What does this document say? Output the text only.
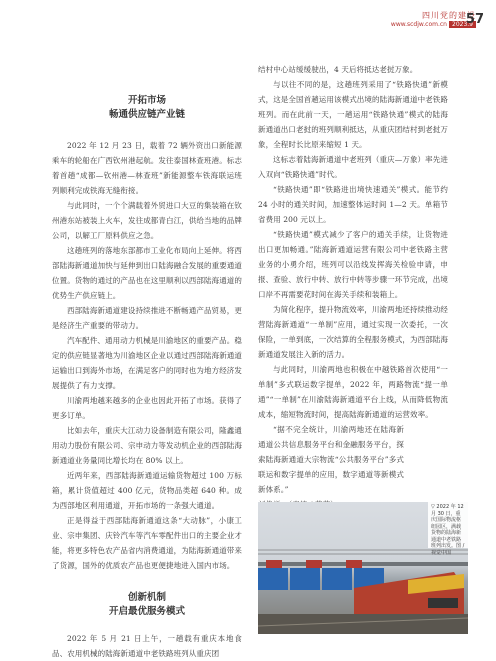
四川党的建设
www.scdjw.com.cn 2023.9
57
开拓市场
畅通供应链产业链

2022 年 12 月 23 日，载着 72 辆外资出口新能源乘车的轮船在广西钦州港起航。发往泰国林查班港。标志着首趟“成都—钦州港—林查班”新能源整车铁海联运班列顺利完成铁海无缝衔接。

与此同时，一个个满载着外贸进口大豆的集装箱在钦州港东站被装上火车，发往成都青白江，供给当地的品牌公司，以解工厂原料供应之急。

这趟班列的落地东部都市工业化布局向上延伸。将西部陆海新通道加快与延伸到出口陆海融合发展的重要通道位置。货物的通过的产品也在这里顺利以西部陆海通道的优势生产供应链上。

西部陆海新通道建设持续推进不断畅通产品贸易，更是经济生产重要的带动力。

汽车配件、通用动力机械是川渝地区的重要产品。稳定的供应链显著地为川渝地区企业以通过西部陆海新通道运输出口到海外市场，在满足客户的同时也为地方经济发展提供了有力支撑。

川渝两地越来越多的企业也因此开拓了市场。获得了更多订单。

比如去年，重庆大江动力设备制造有限公司，隆鑫通用动力股份有限公司、宗申动力等发动机企业的西部陆海新通道业务量同比增长均在 80% 以上。

近两年来，西部陆海新通道运输货物超过 100 万标箱，累计货值超过 400 亿元，货物品类超 640 种。成为西部地区利用通道，开拓市场的一条强大通道。

正是得益于西部陆海新通道这条“大动脉”，小康工业、宗申集团、庆铃汽车等汽车零配件出口的主要企业才能，将更多特色农产品省内消费通道，为陆海新通道带来了货源，国外的优质农产品也更便捷地进入国内市场。

创新机制
开启最优服务模式

2022 年 5 月 21 日上午，一趟载有重庆本地食品、农用机械的陆海新通道中老铁路班列从重庆团

结村中心站缓缓驶出，4 天后将抵达老挝万象。

与以往不同的是，这趟班列采用了“铁路快通”新模式，这是全国首趟运用该模式出境的陆海新通道中老铁路班列。而在此前一天，一趟运用“铁路快通”模式的陆海新通道出口老挝的班列顺利抵达，从重庆团结村到老挝万象，全程时长比原来缩短 1 天。

这标志着陆海新通道中老班列（重庆—万象）率先进入双向“铁路快通”时代。

“铁路快通”即“铁路进出境快速通关”模式。能节约 24 小时的通关时间，加速整体运时间 1—2 天。单箱节省费用 200 元以上。

“铁路快通”模式减少了客户的通关手续，让货物进出口更加畅通。”陆海新通道运营有限公司中老铁路主营业务的小勇介绍，班列可以沿线发挥海关检验申请，申报、查验、放行中转、放行中转等步骤一环节完成，出境口岸不再需要花时间在海关手续和装箱上。

为简化程序，提升物流效率，川渝两地还持续推动经营陆海新通道“一单制”应用，通过实现一次委托，一次保险，一单到底，一次结算的全程服务模式，为西部陆海新通道发展注入新的活力。

与此同时，川渝两地也积极在中越铁路首次使用“一单制”多式联运数字提单，2022 年，两路物流“提一单通”“一单制”在川渝陆海新通道平台上线，从而降低物流成本，缩短物流时间，提高陆海新通道的运营效率。

“据不完全统计，川渝两地还在陆海新通道公共信息服务平台和金融服务平台，探索陆海新通道大宗物流“公共服务平台”多式联运和数字提单的应用，数字通道等新模式新体系。”

▽ 2022 年 12 月 30 日，重庆国际物流枢纽园区，满载货物的陆海新通道中老铁路班列出发。图 / 视觉中国
